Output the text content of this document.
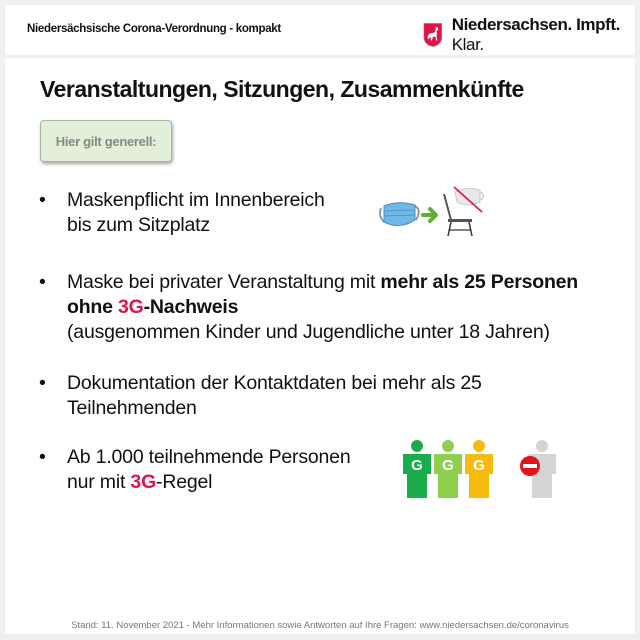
Niedersächsische Corona-Verordnung - kompakt	Niedersachsen. Impft. Klar.
Veranstaltungen, Sitzungen, Zusammenkünfte
Hier gilt generell:
• Maskenpflicht im Innenbereich
bis zum Sitzplatz
• Maske bei privater Veranstaltung mit mehr als 25 Personen
ohne 3G-Nachweis
(ausgenommen Kinder und Jugendliche unter 18 Jahren)
• Dokumentation der Kontaktdaten bei mehr als 25
Teilnehmenden
• Ab 1.000 teilnehmende Personen
nur mit 3G-Regel
G G G
Stand: 11. November 2021 - Mehr Informationen sowie Antworten auf Ihre Fragen: www.niedersachsen.de/coronavirus
